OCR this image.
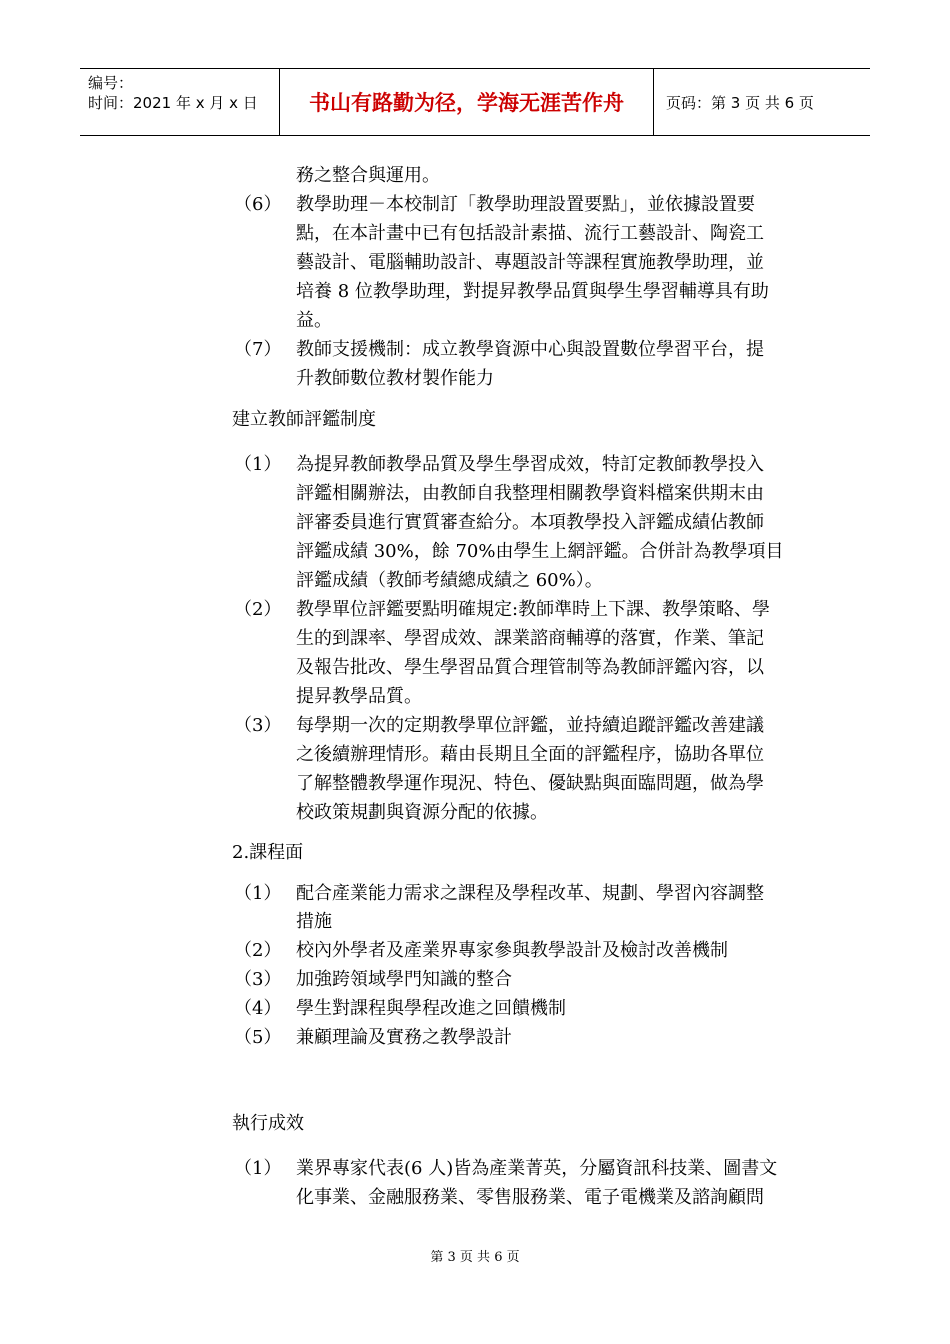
编号：
时间：2021 年 x 月 x 日	书山有路勤为径，学海无涯苦作舟	页码：第 3 页 共 6 页
務之整合與運用。
（6） 教學助理－本校制訂「教學助理設置要點」，並依據設置要
點，在本計畫中已有包括設計素描、流行工藝設計、陶瓷工
藝設計、電腦輔助設計、專題設計等課程實施教學助理，並
培養 8 位教學助理，對提昇教學品質與學生學習輔導具有助
益。
（7） 教師支援機制：成立教學資源中心與設置數位學習平台，提
升教師數位教材製作能力
建立教師評鑑制度
（1） 為提昇教師教學品質及學生學習成效，特訂定教師教學投入
評鑑相關辦法，由教師自我整理相關教學資料檔案供期末由
評審委員進行實質審查給分。本項教學投入評鑑成績佔教師
評鑑成績 30%，餘 70%由學生上網評鑑。合併計為教學項目
評鑑成績（教師考績總成績之 60%）。
（2） 教學單位評鑑要點明確規定:教師準時上下課、教學策略、學
生的到課率、學習成效、課業諮商輔導的落實，作業、筆記
及報告批改、學生學習品質合理管制等為教師評鑑內容，以
提昇教學品質。
（3） 每學期一次的定期教學單位評鑑，並持續追蹤評鑑改善建議
之後續辦理情形。藉由長期且全面的評鑑程序，協助各單位
了解整體教學運作現況、特色、優缺點與面臨問題，做為學
校政策規劃與資源分配的依據。
2.課程面
（1） 配合產業能力需求之課程及學程改革、規劃、學習內容調整
措施
（2） 校內外學者及產業界專家參與教學設計及檢討改善機制
（3） 加強跨領域學門知識的整合
（4） 學生對課程與學程改進之回饋機制
（5） 兼顧理論及實務之教學設計
執行成效
（1） 業界專家代表(6 人)皆為產業菁英，分屬資訊科技業、圖書文
化事業、金融服務業、零售服務業、電子電機業及諮詢顧問
第 3 页 共 6 页
